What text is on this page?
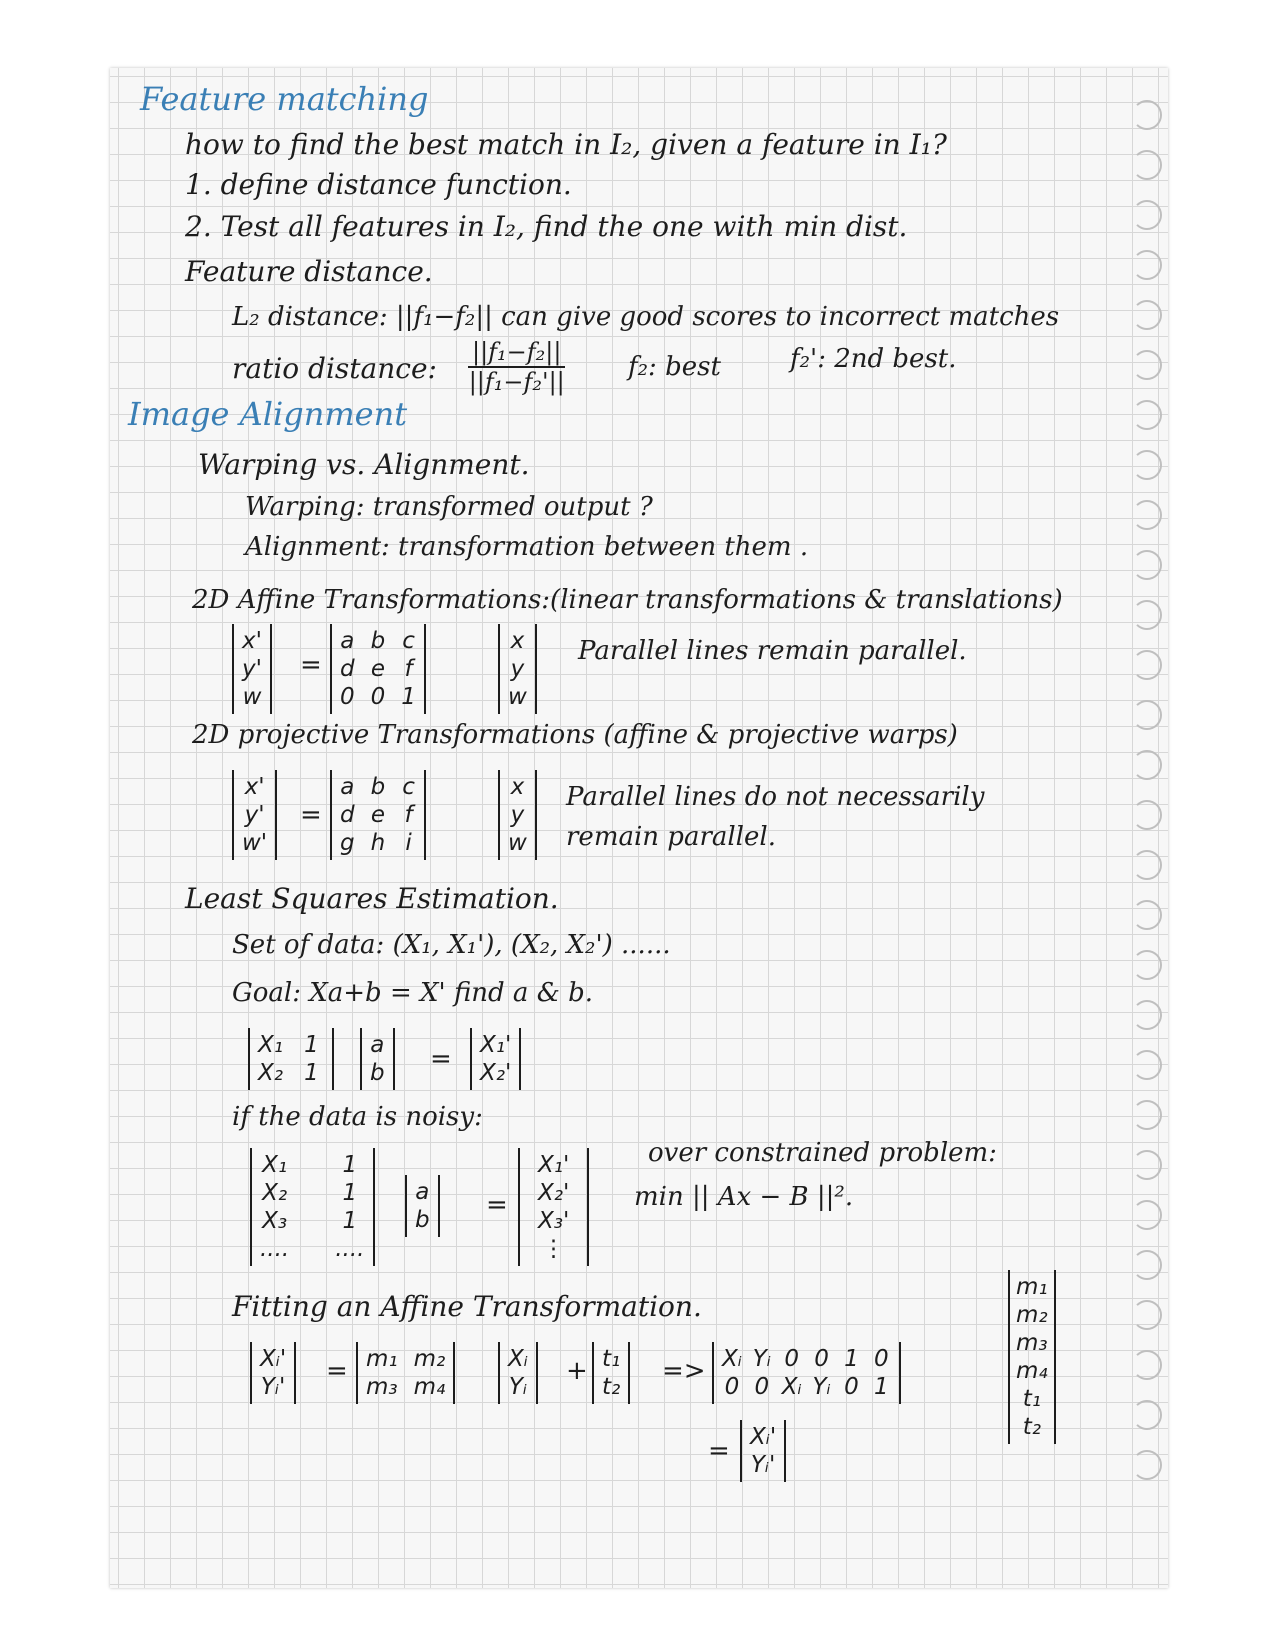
Feature matching
how to find the best match in I₂, given a feature in I₁?
1. define distance function.
2. Test all features in I₂, find the one with min dist.
Feature distance.
L₂ distance: ||f₁−f₂|| can give good scores to incorrect matches
ratio distance: $\frac{\text{||f₁−f₂||}}{\text{||f₁−f₂'||}} f_2$: best	f₂': 2nd best.
Image Alignment
Warping vs. Alignment.
Warping: transformed output ?
Alignment: transformation between them .
2D Affine Transformations:(linear transformations & translations)
x'
y'
w
=
a b c
d e f
0 0 1
x
y
w
Parallel lines remain parallel.
2D projective Transformations (affine & projective warps)
x'
y'
w'
=
a b c
d e f
g h i
x
y
w
Parallel lines do not necessarily
remain parallel.
Least Squares Estimation.
Set of data: (X₁, X₁'), (X₂, X₂') ......
Goal: Xa+b = X' find a & b.
X₁ 1
X₂ 1
a
b = X₁'
X₂'
if the data is noisy:
X₁	1
X₂	1
X₃	1
.... ....
a
b =
X₁'
X₂'
X₃'
⋮
over constrained problem:
min || Ax − B ||².
Fitting an Affine Transformation.
Xᵢ'
Yᵢ'
= m₁ m₂
m₃ m₄
Xᵢ
Yᵢ
+ t₁
t₂
=> Xᵢ Yᵢ 0 0 1 0
0 0 Xᵢ Yᵢ 0 1
= Xᵢ'
Yᵢ'
m₁
m₂
m₃
m₄
t₁
t₂
